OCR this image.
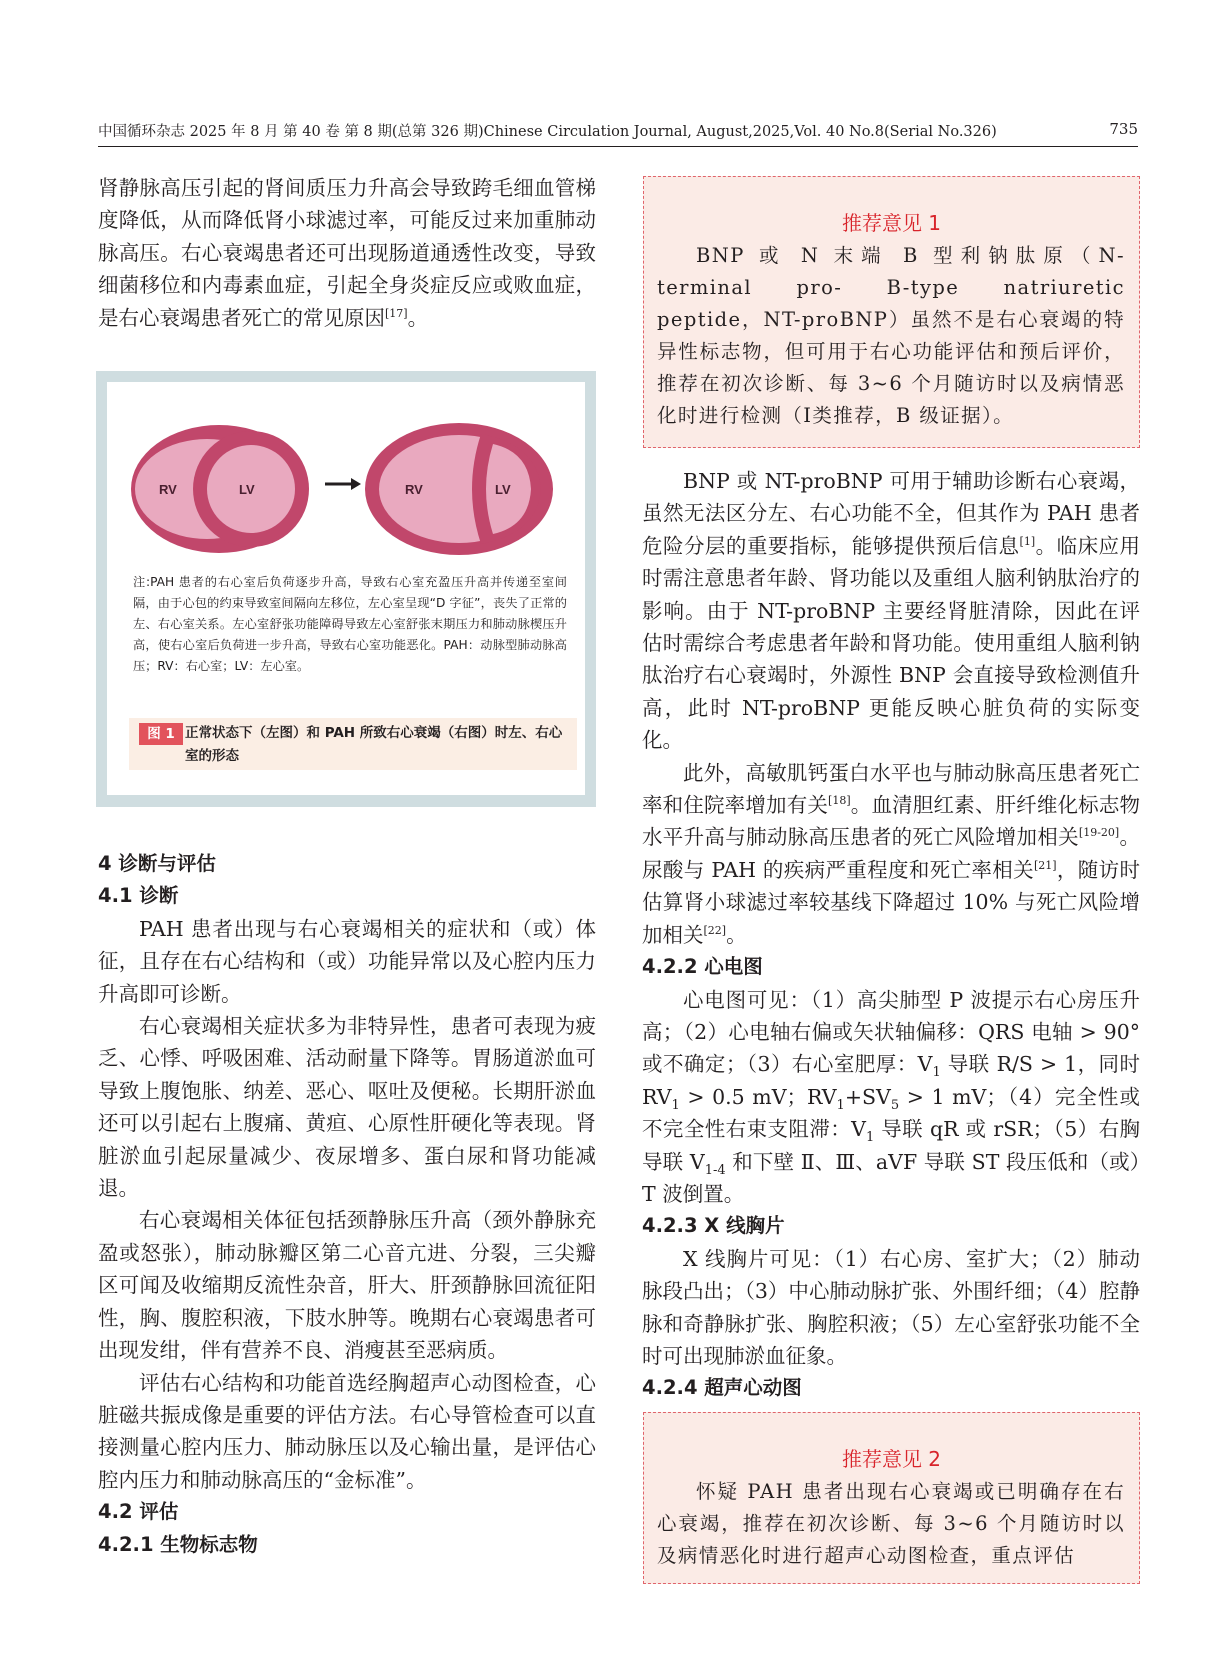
中国循环杂志 2025 年 8 月 第 40 卷 第 8 期(总第 326 期)Chinese Circulation Journal, August,2025,Vol. 40 No.8(Serial No.326)	735

肾静脉高压引起的肾间质压力升高会导致跨毛细血管梯度降低，从而降低肾小球滤过率，可能反过来加重肺动脉高压。右心衰竭患者还可出现肠道通透性改变，导致细菌移位和内毒素血症，引起全身炎症反应或败血症，是右心衰竭患者死亡的常见原因[17]。

RV	LV	RV	LV
注:PAH 患者的右心室后负荷逐步升高，导致右心室充盈压升高并传递至室间隔，由于心包的约束导致室间隔向左移位，左心室呈现“D 字征”，丧失了正常的左、右心室关系。左心室舒张功能障碍导致左心室舒张末期压力和肺动脉楔压升高，使右心室后负荷进一步升高，导致右心室功能恶化。PAH：动脉型肺动脉高压；RV：右心室；LV：左心室。
图 1 正常状态下（左图）和 PAH 所致右心衰竭（右图）时左、右心室的形态
4 诊断与评估
4.1 诊断

PAH 患者出现与右心衰竭相关的症状和（或）体征，且存在右心结构和（或）功能异常以及心腔内压力升高即可诊断。

右心衰竭相关症状多为非特异性，患者可表现为疲乏、心悸、呼吸困难、活动耐量下降等。胃肠道淤血可导致上腹饱胀、纳差、恶心、呕吐及便秘。长期肝淤血还可以引起右上腹痛、黄疸、心原性肝硬化等表现。肾脏淤血引起尿量减少、夜尿增多、蛋白尿和肾功能减退。

右心衰竭相关体征包括颈静脉压升高（颈外静脉充盈或怒张），肺动脉瓣区第二心音亢进、分裂，三尖瓣区可闻及收缩期反流性杂音，肝大、肝颈静脉回流征阳性，胸、腹腔积液，下肢水肿等。晚期右心衰竭患者可出现发绀，伴有营养不良、消瘦甚至恶病质。

评估右心结构和功能首选经胸超声心动图检查，心脏磁共振成像是重要的评估方法。右心导管检查可以直接测量心腔内压力、肺动脉压以及心输出量，是评估心腔内压力和肺动脉高压的“金标准”。

4.2 评估
4.2.1 生物标志物
推荐意见 1
BNP 或 N 末端 B 型利钠肽原（N-terminal pro- B-type natriuretic peptide，NT-proBNP）虽然不是右心衰竭的特异性标志物，但可用于右心功能评估和预后评价，推荐在初次诊断、每 3~6 个月随访时以及病情恶化时进行检测（Ⅰ类推荐，B 级证据）。

BNP 或 NT-proBNP 可用于辅助诊断右心衰竭，虽然无法区分左、右心功能不全，但其作为 PAH 患者危险分层的重要指标，能够提供预后信息[1]。临床应用时需注意患者年龄、肾功能以及重组人脑利钠肽治疗的影响。由于 NT-proBNP 主要经肾脏清除，因此在评估时需综合考虑患者年龄和肾功能。使用重组人脑利钠肽治疗右心衰竭时，外源性 BNP 会直接导致检测值升高，此时 NT-proBNP 更能反映心脏负荷的实际变化。

此外，高敏肌钙蛋白水平也与肺动脉高压患者死亡率和住院率增加有关[18]。血清胆红素、肝纤维化标志物水平升高与肺动脉高压患者的死亡风险增加相关[19-20]。尿酸与 PAH 的疾病严重程度和死亡率相关[21]，随访时估算肾小球滤过率较基线下降超过 10% 与死亡风险增加相关[22]。

4.2.2 心电图

心电图可见：（1）高尖肺型 P 波提示右心房压升高；（2）心电轴右偏或矢状轴偏移：QRS 电轴 > 90° 或不确定；（3）右心室肥厚：$V_1$ 导联 R/S > 1，同时 $RV_1 > 0.5$ mV；$RV_1+SV_5 > 1$ mV；（4）完全性或不完全性右束支阻滞：$V_1$ 导联 qR 或 rSR；（5）右胸导联 $V_{1-4}$ 和下壁 Ⅱ、Ⅲ、aVF 导联 ST 段压低和（或）T 波倒置。

4.2.3 X 线胸片

X 线胸片可见：（1）右心房、室扩大；（2）肺动脉段凸出；（3）中心肺动脉扩张、外围纤细；（4）腔静脉和奇静脉扩张、胸腔积液；（5）左心室舒张功能不全时可出现肺淤血征象。

4.2.4 超声心动图
推荐意见 2
怀疑 PAH 患者出现右心衰竭或已明确存在右心衰竭，推荐在初次诊断、每 3~6 个月随访时以及病情恶化时进行超声心动图检查，重点评估
